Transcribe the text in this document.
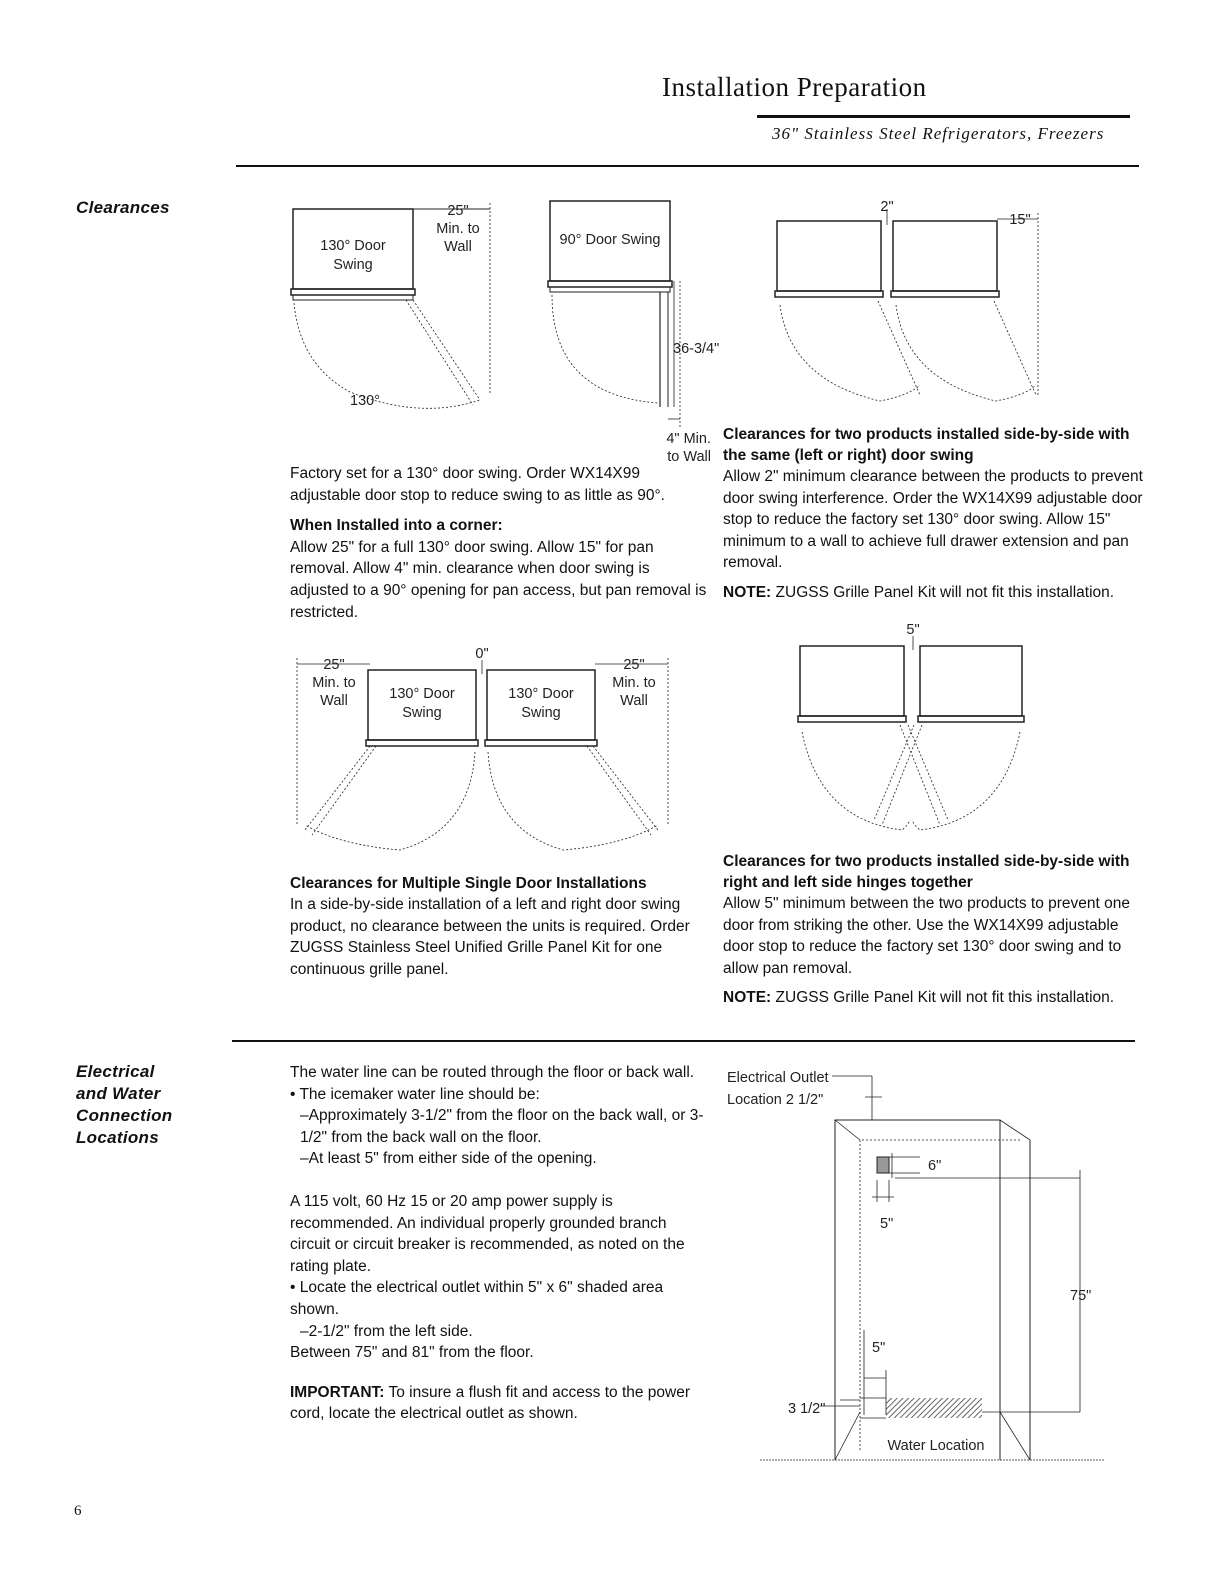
Installation Preparation
36" Stainless Steel Refrigerators, Freezers
Clearances
Electrical
and Water
Connection
Locations
130° Door
Swing
25"
Min. to
Wall
130°
90° Door Swing
36-3/4"
4" Min.
to Wall
2"
15"

Factory set for a 130° door swing. Order WX14X99 adjustable door stop to reduce swing to as little as 90°.

When Installed into a corner:

Allow 25" for a full 130° door swing. Allow 15" for pan removal. Allow 4" min. clearance when door swing is adjusted to a 90° opening for pan access, but pan removal is restricted.

Clearances for two products installed side-by-side with the same (left or right) door swing

Allow 2" minimum clearance between the products to prevent door swing interference. Order the WX14X99 adjustable door stop to reduce the factory set 130° door swing. Allow 15" minimum to a wall to achieve full drawer extension and pan removal.

NOTE: ZUGSS Grille Panel Kit will not fit this installation.

0"
25"	25"
Min. to
Wall
Min. to
Wall
130° Door
Swing
130° Door
Swing
5"

Clearances for Multiple Single Door Installations

In a side-by-side installation of a left and right door swing product, no clearance between the units is required. Order ZUGSS Stainless Steel Unified Grille Panel Kit for one continuous grille panel.

Clearances for two products installed side-by-side with right and left side hinges together

Allow 5" minimum between the two products to prevent one door from striking the other. Use the WX14X99 adjustable door stop to reduce the factory set 130° door swing and to allow pan removal.

NOTE: ZUGSS Grille Panel Kit will not fit this installation.

The water line can be routed through the floor or back wall.

• The icemaker water line should be:

–Approximately 3-1/2" from the floor on the back wall, or 3-1/2" from the back wall on the floor.

–At least 5" from either side of the opening.

A 115 volt, 60 Hz 15 or 20 amp power supply is recommended. An individual properly grounded branch circuit or circuit breaker is recommended, as noted on the rating plate.

• Locate the electrical outlet within 5" x 6" shaded area shown.

–2-1/2" from the left side.

Between 75" and 81" from the floor.

IMPORTANT: To insure a flush fit and access to the power cord, locate the electrical outlet as shown.

Electrical Outlet
Location 2 1/2"
6"
75"
5"
5"
3 1/2"
Water Location
6
